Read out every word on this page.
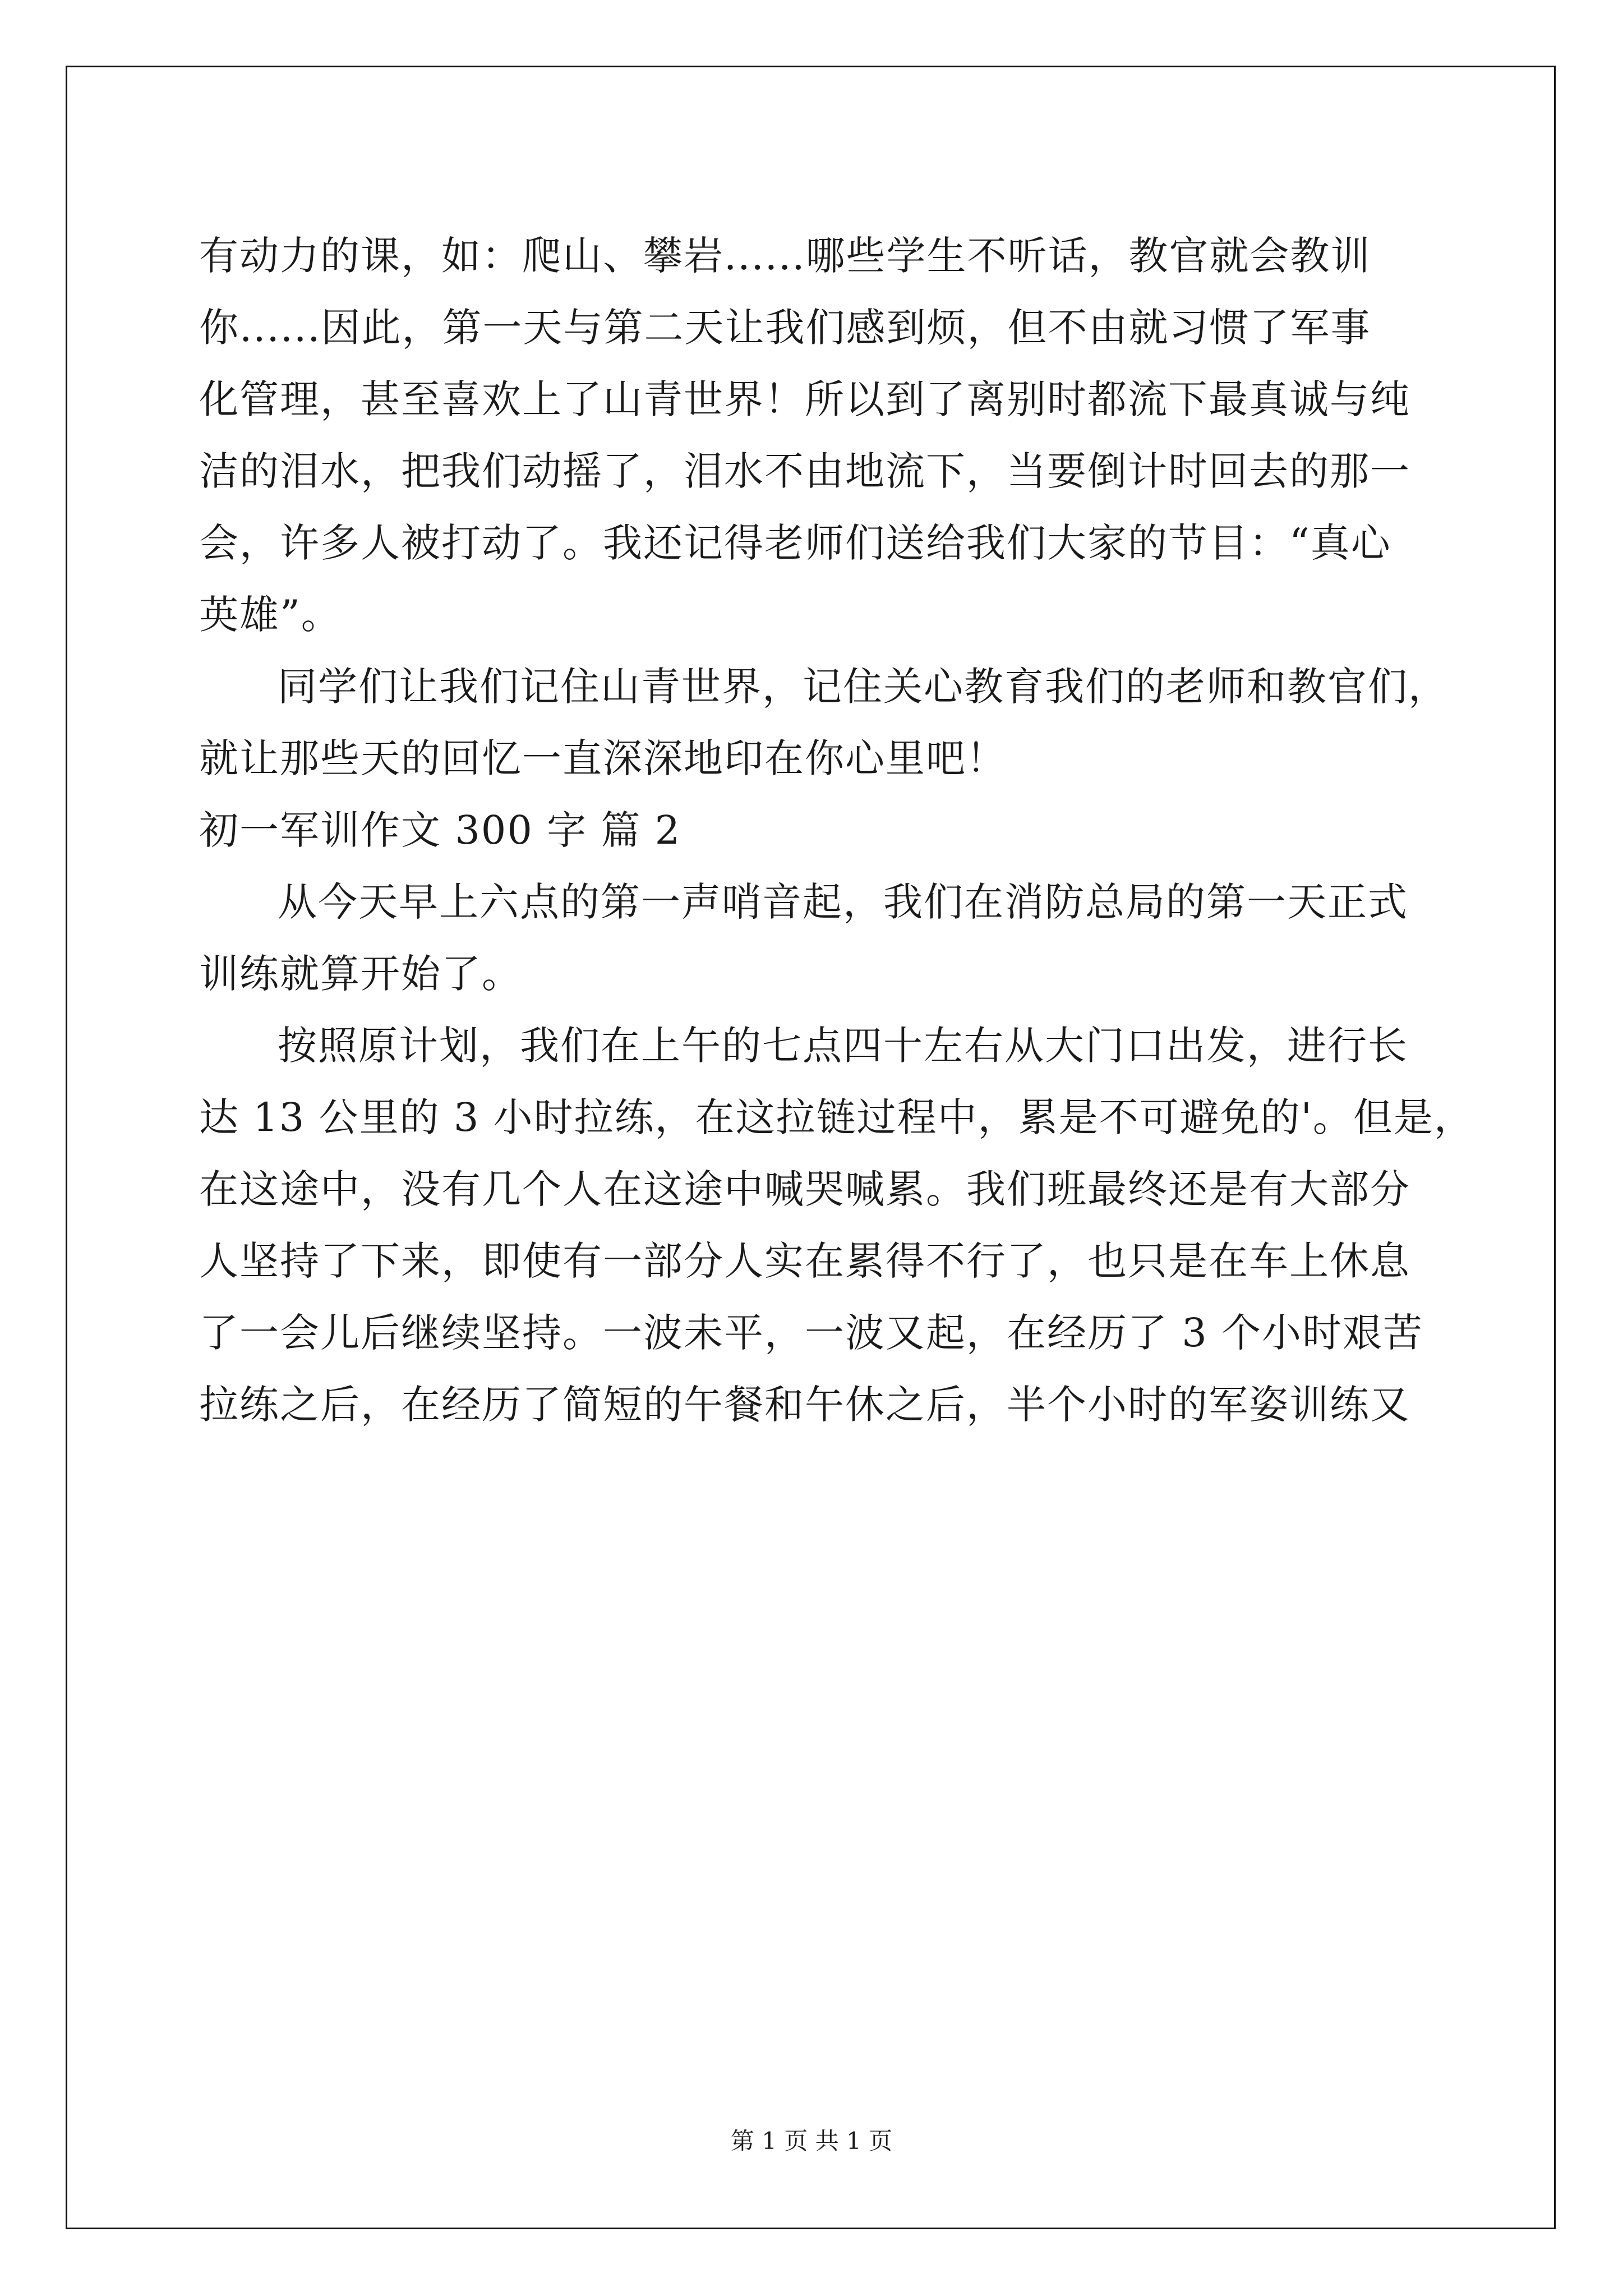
有动力的课，如：爬山、攀岩......哪些学生不听话，教官就会教训
你......因此，第一天与第二天让我们感到烦，但不由就习惯了军事
化管理，甚至喜欢上了山青世界！所以到了离别时都流下最真诚与纯
洁的泪水，把我们动摇了，泪水不由地流下，当要倒计时回去的那一
会，许多人被打动了。我还记得老师们送给我们大家的节目：“真心
英雄”。
同学们让我们记住山青世界，记住关心教育我们的老师和教官们，
就让那些天的回忆一直深深地印在你心里吧！
初一军训作文 300 字 篇 2
从今天早上六点的第一声哨音起，我们在消防总局的第一天正式
训练就算开始了。
按照原计划，我们在上午的七点四十左右从大门口出发，进行长
达 13 公里的 3 小时拉练，在这拉链过程中，累是不可避免的'。但是，
在这途中，没有几个人在这途中喊哭喊累。我们班最终还是有大部分
人坚持了下来，即使有一部分人实在累得不行了，也只是在车上休息
了一会儿后继续坚持。一波未平，一波又起，在经历了 3 个小时艰苦
拉练之后，在经历了简短的午餐和午休之后，半个小时的军姿训练又
第 1 页 共 1 页
